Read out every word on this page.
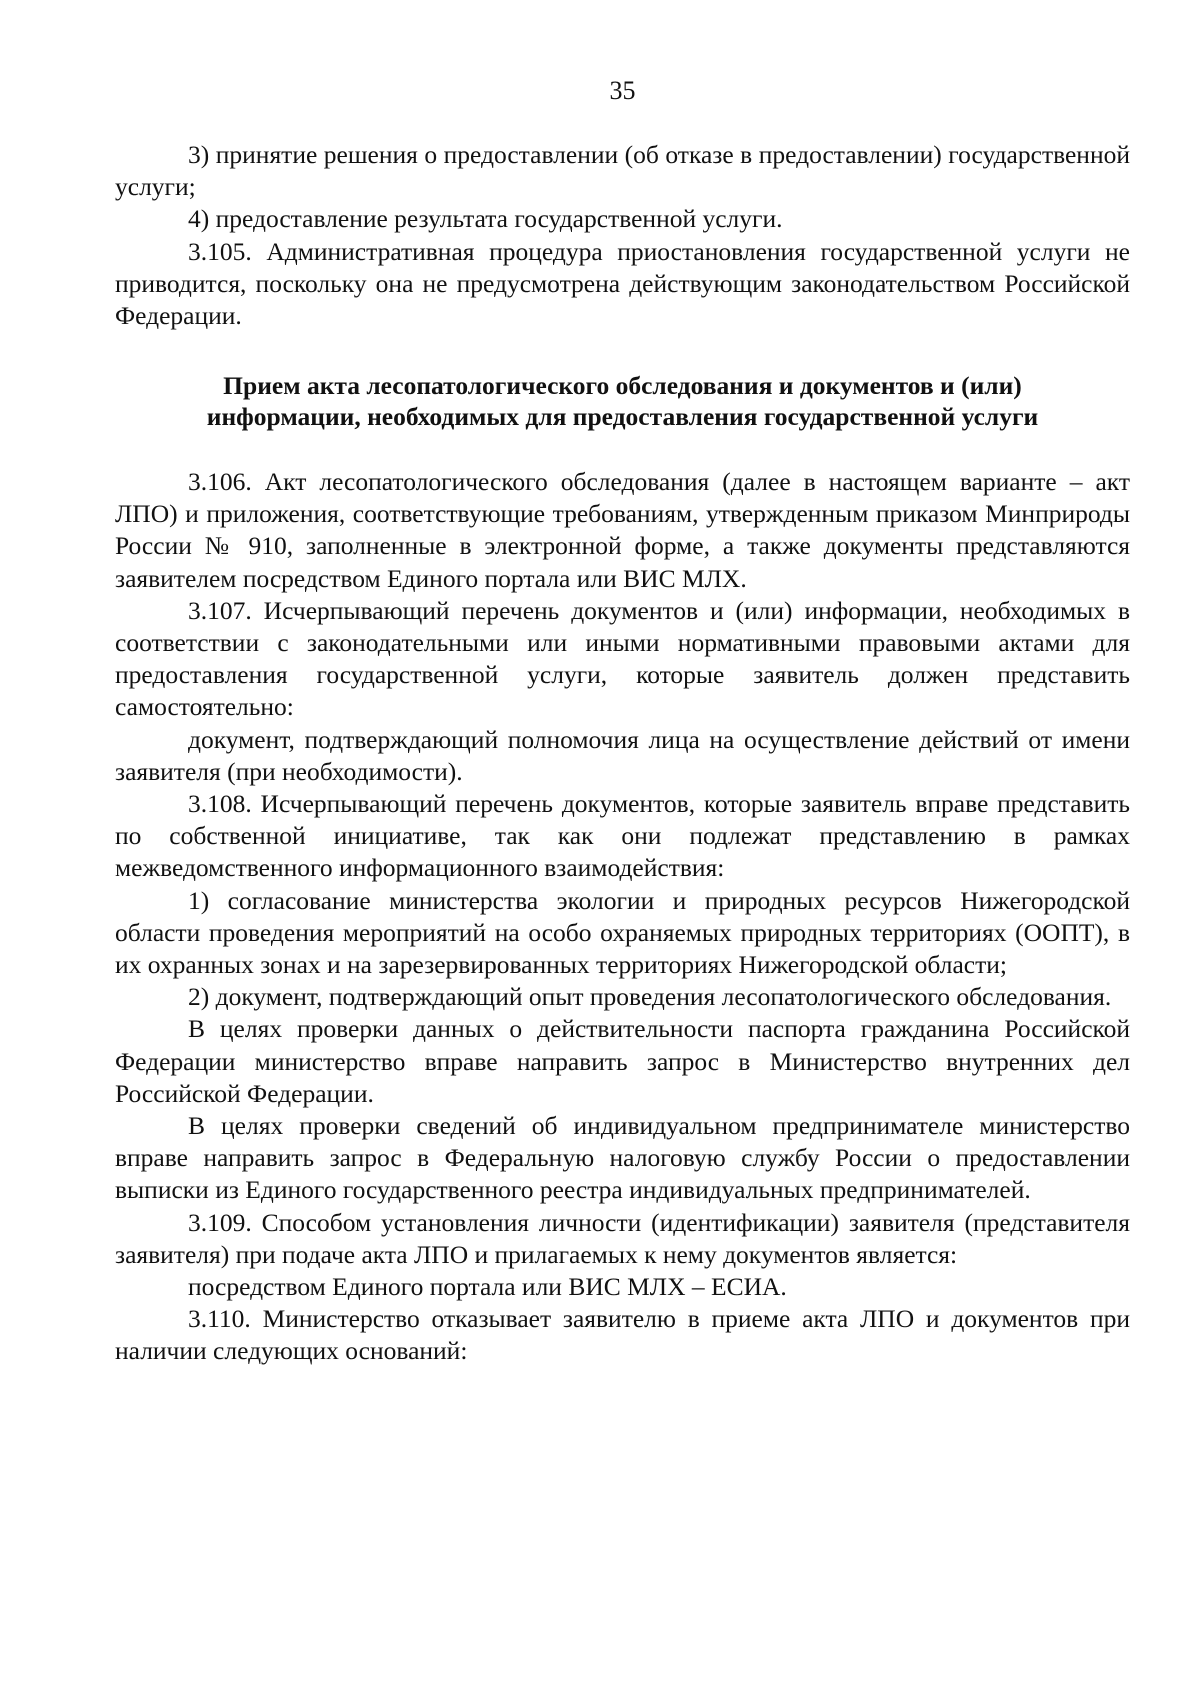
35

3) принятие решения о предоставлении (об отказе в предоставлении) государственной услуги;

4) предоставление результата государственной услуги.

3.105. Административная процедура приостановления государственной услуги не приводится, поскольку она не предусмотрена действующим законодательством Российской Федерации.

Прием акта лесопатологического обследования и документов и (или)
информации, необходимых для предоставления государственной услуги

3.106. Акт лесопатологического обследования (далее в настоящем варианте – акт ЛПО) и приложения, соответствующие требованиям, утвержденным приказом Минприроды России № 910, заполненные в электронной форме, а также документы представляются заявителем посредством Единого портала или ВИС МЛХ.

3.107. Исчерпывающий перечень документов и (или) информации, необходимых в соответствии с законодательными или иными нормативными правовыми актами для предоставления государственной услуги, которые заявитель должен представить самостоятельно:

документ, подтверждающий полномочия лица на осуществление действий от имени заявителя (при необходимости).

3.108. Исчерпывающий перечень документов, которые заявитель вправе представить по собственной инициативе, так как они подлежат представлению в рамках межведомственного информационного взаимодействия:

1) согласование министерства экологии и природных ресурсов Нижегородской области проведения мероприятий на особо охраняемых природных территориях (ООПТ), в их охранных зонах и на зарезервированных территориях Нижегородской области;

2) документ, подтверждающий опыт проведения лесопатологического обследования.

В целях проверки данных о действительности паспорта гражданина Российской Федерации министерство вправе направить запрос в Министерство внутренних дел Российской Федерации.

В целях проверки сведений об индивидуальном предпринимателе министерство вправе направить запрос в Федеральную налоговую службу России о предоставлении  выписки из Единого государственного реестра индивидуальных предпринимателей.

3.109. Способом установления личности (идентификации) заявителя (представителя заявителя) при подаче акта ЛПО и прилагаемых к нему документов является:

посредством Единого портала или ВИС МЛХ – ЕСИА.

3.110. Министерство отказывает заявителю в приеме акта ЛПО и документов при наличии следующих оснований:
